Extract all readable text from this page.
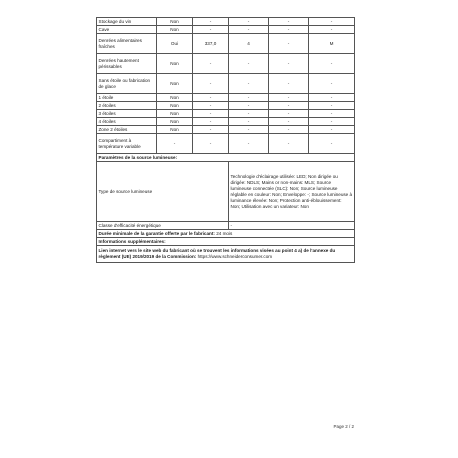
Stockage du vin	Non	-	-	-	-
Cave	Non	-	-	-	-
Denrées alimentaires fraîches	Oui	337,0	4	-	M
Denrées hautement périssables	Non	-	-	-	-
Sans étoile ou fabrication de glace	Non	-	-	-	-
1 étoile	Non	-	-	-	-
2 étoiles	Non	-	-	-	-
3 étoiles	Non	-	-	-	-
4 étoiles	Non	-	-	-	-
Zone 2 étoiles	Non	-	-	-	-
Compartiment à température variable	-	-	-	-	-
Paramètres de la source lumineuse:					
Type de source lumineuse			Technologie d'éclairage utilisée: LED; Non dirigée ou dirigée: NDLS; Mains or non-mains: MLS; Source lumineuse connectée (SLC): Non; Source lumineuse réglable en couleur: Non; Enveloppe: -; Source lumineuse à luminance élevée: Non; Protection anti-éblouissement: Non; Utilisation avec un variateur: Non		
Classe d'efficacité énergétique			-		
Durée minimale de la garantie offerte par le fabricant: 24 mois					
Informations supplémentaires:					
Lien internet vers le site web du fabricant où se trouvent les informations visées au point 4 a) de l'annexe du règlement (UE) 2019/2019 de la Commission: https://www.schneiderconsumer.com					
Page 2 / 2
